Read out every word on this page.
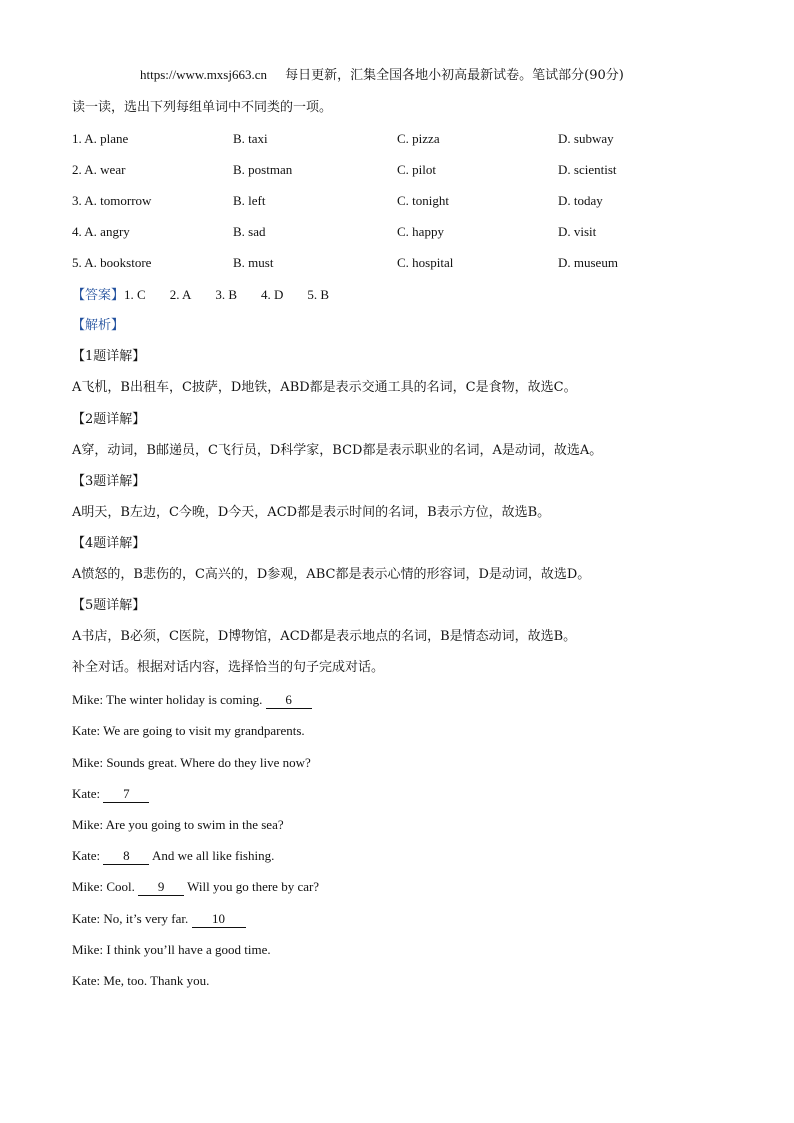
https://www.mxsj663.cn 每日更新，汇集全国各地小初高最新试卷。笔试部分(90分)
读一读，选出下列每组单词中不同类的一项。
1. A. plane	B. taxi	C. pizza	D. subway
2. A. wear	B. postman	C. pilot	D. scientist
3. A. tomorrow	B. left	C. tonight	D. today
4. A. angry	B. sad	C. happy	D. visit
5. A. bookstore	B. must	C. hospital	D. museum
【答案】1. C 2. A 3. B 4. D 5. B
【解析】
【1题详解】
A飞机，B出租车，C披萨，D地铁，ABD都是表示交通工具的名词，C是食物，故选C。
【2题详解】
A穿，动词，B邮递员，C飞行员，D科学家，BCD都是表示职业的名词，A是动词，故选A。
【3题详解】
A明天，B左边，C今晚，D今天，ACD都是表示时间的名词，B表示方位，故选B。
【4题详解】
A愤怒的，B悲伤的，C高兴的，D参观，ABC都是表示心情的形容词，D是动词，故选D。
【5题详解】
A书店，B必须，C医院，D博物馆，ACD都是表示地点的名词，B是情态动词，故选B。
补全对话。根据对话内容，选择恰当的句子完成对话。
Mike: The winter holiday is coming. 6
Kate: We are going to visit my grandparents.
Mike: Sounds great. Where do they live now?
Kate: 7
Mike: Are you going to swim in the sea?
Kate: 8 And we all like fishing.
Mike: Cool. 9 Will you go there by car?
Kate: No, it’s very far. 10
Mike: I think you’ll have a good time.
Kate: Me, too. Thank you.
